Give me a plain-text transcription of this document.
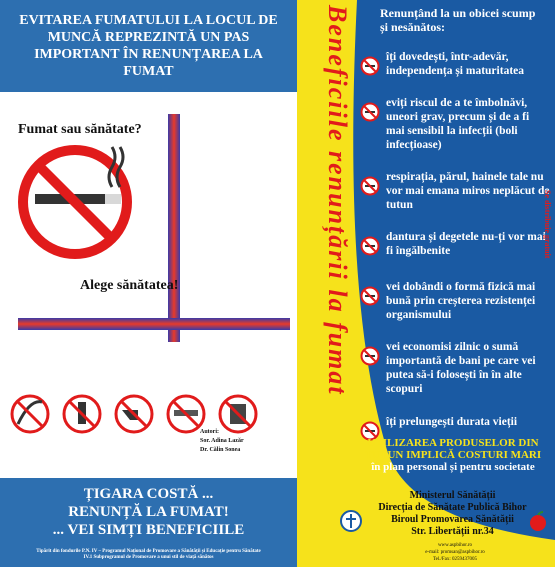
EVITAREA FUMATULUI LA LOCUL DE MUNCĂ REPREZINTĂ UN PAS IMPORTANT ÎN RENUNȚAREA LA FUMAT
Fumat sau sănătate?
Alege sănătatea!
Autori:
Sor. Adina Lazăr
Dr. Călin Sonea
ȚIGARA COSTĂ ...
RENUNȚĂ LA FUMAT!
... VEI SIMȚI BENEFICIILE
Tipărit din fondurile P.N. IV – Programul Național de Promovare a Sănătății și Educație pentru Sănătate
IV.1 Subprogramul de Promovare a unui stil de viață sănătos
Beneficiile renunțării la fumat Renunțând la un obicei scump și nesănătos:
îți dovedești, într-adevăr, independența și maturitatea
eviți riscul de a te îmbolnăvi, uneori grav, precum și de a fi mai sensibil la infecții (boli infecțioase)
respirația, părul, hainele tale nu vor mai emana miros neplăcut de tutun
dantura și degetele nu-ți vor mai fi îngălbenite
vei dobândi o formă fizică mai bună prin creșterea rezistenței organismului
vei economisi zilnic o sumă importantă de bani pe care vei putea să-i folosești în în alte scopuri
îți prelungești durata vieții
UTILIZAREA PRODUSELOR DIN TUTUN IMPLICĂ COSTURI MARI
în plan personal și pentru societate
Se distribuie gratuit
Ministerul Sănătății
Direcția de Sănătate Publică Bihor
Biroul Promovarea Sănătății
Str. Libertății nr.34
www.aspbihor.ro
e-mail: promsan@aspbihor.ro
Tel./Fax: 0259437005
